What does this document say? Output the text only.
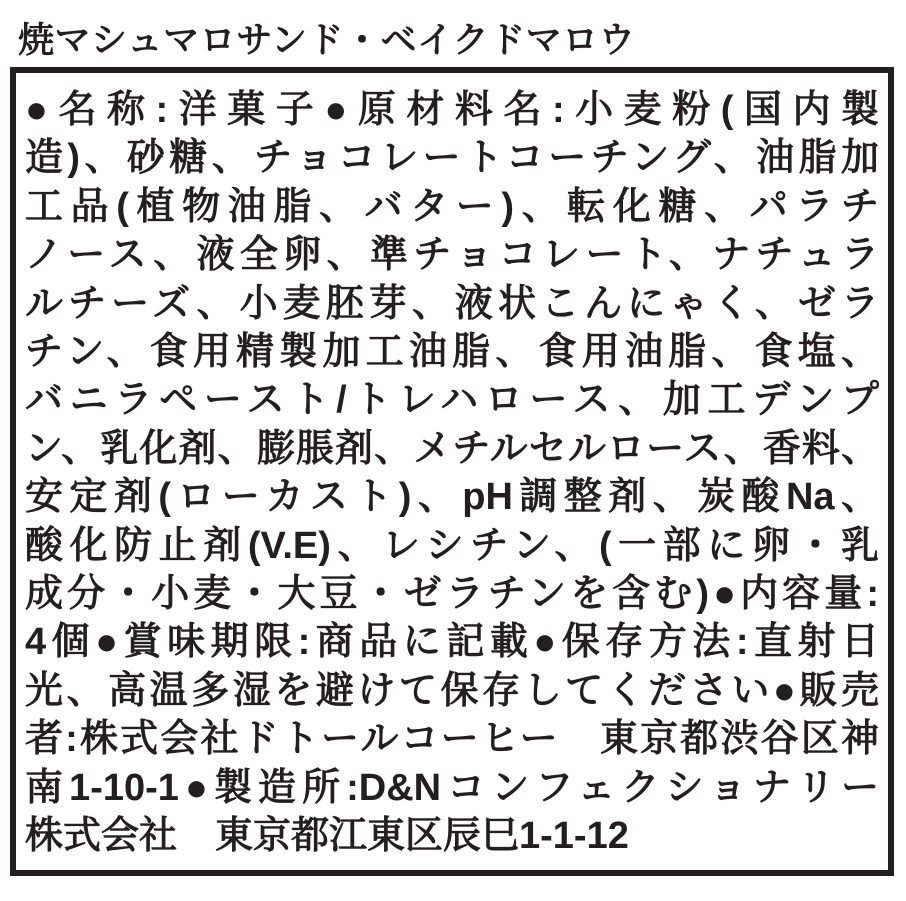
焼マシュマロサンド・ベイクドマロウ
●名称:洋菓子●原材料名:小麦粉(国内製
造)、砂糖、チョコレートコーチング、油脂加
工品(植物油脂、バター)、転化糖、パラチ
ノース、液全卵、準チョコレート、ナチュラ
ルチーズ、小麦胚芽、液状こんにゃく、ゼラ
チン、食用精製加工油脂、食用油脂、食塩、
バニラペースト/トレハロース、加工デンプ
ン、乳化剤、膨脹剤、メチルセルロース、香料、
安定剤(ローカスト)、pH調整剤、炭酸Na、
酸化防止剤(V.E)、レシチン、(一部に卵・乳
成分・小麦・大豆・ゼラチンを含む)●内容量:
4個●賞味期限:商品に記載●保存方法:直射日
光、高温多湿を避けて保存してください●販売
者:株式会社ドトールコーヒー　東京都渋谷区神
南1-10-1●製造所:D&Nコンフェクショナリー
株式会社　東京都江東区辰巳1-1-12
